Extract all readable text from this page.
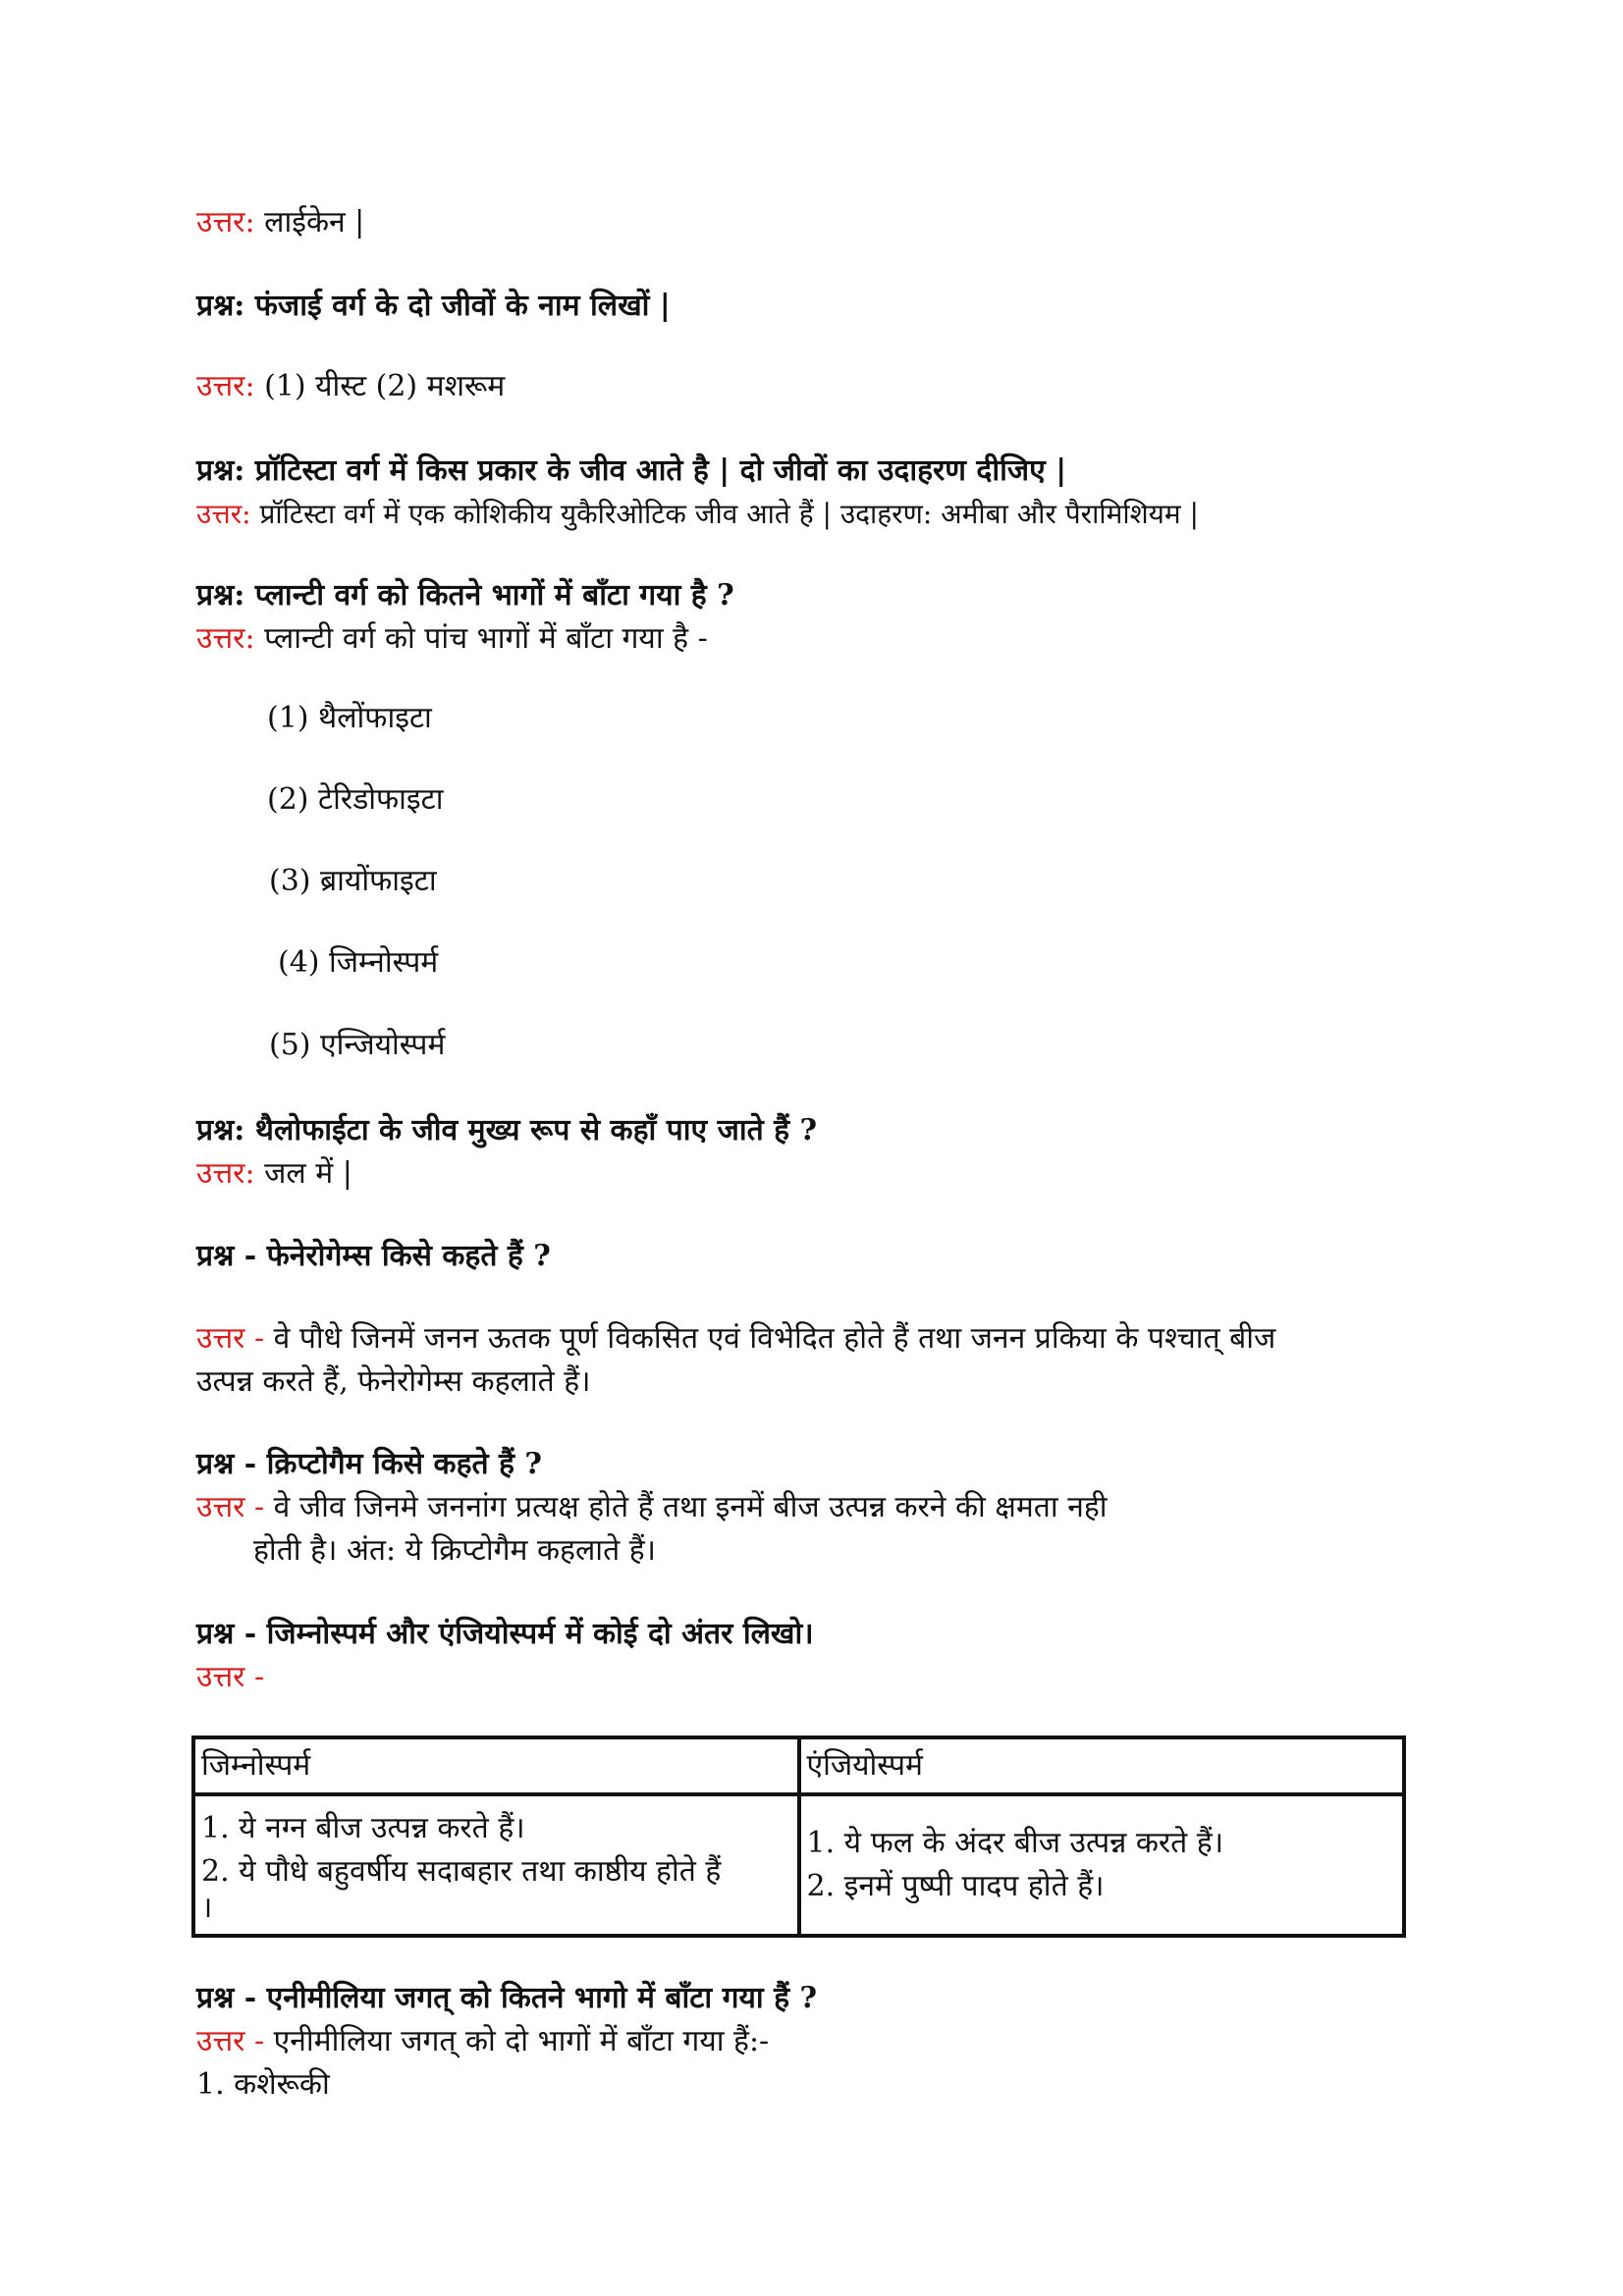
उत्तर: लाईकेन |
प्रश्न: फंजाई वर्ग के दो जीवों के नाम लिखों |
उत्तर: (1) यीस्ट (2) मशरूम
प्रश्न: प्रॉटिस्टा वर्ग में किस प्रकार के जीव आते है | दो जीवों का उदाहरण दीजिए |
उत्तर: प्रॉटिस्टा वर्ग में एक कोशिकीय युकैरिओटिक जीव आते हैं | उदाहरण: अमीबा और पैरामिशियम |
प्रश्न: प्लान्टी वर्ग को कितने भागों में बाँटा गया है ?
उत्तर: प्लान्टी वर्ग को पांच भागों में बाँटा गया है -
(1) थैलोंफाइटा
(2) टेरिडोफाइटा
(3) ब्रायोंफाइटा
(4) जिम्नोस्पर्म
(5) एन्जियोस्पर्म
प्रश्न: थैलोफाईटा के जीव मुख्य रूप से कहाँ पाए जाते हैं ?
उत्तर: जल में |
प्रश्न - फेनेरोगेम्स किसे कहते हैं ?
उत्तर - वे पौधे जिनमें जनन ऊतक पूर्ण विकसित एवं विभेदित होते हैं तथा जनन प्रकिया के पश्चात् बीज
उत्पन्न करते हैं, फेनेरोगेम्स कहलाते हैं।
प्रश्न - क्रिप्टोगैम किसे कहते हैं ?
उत्तर - वे जीव जिनमे जननांग प्रत्यक्ष होते हैं तथा इनमें बीज उत्पन्न करने की क्षमता नही
होती है। अंत: ये क्रिप्टोगैम कहलाते हैं।
प्रश्न - जिम्नोस्पर्म और एंजियोस्पर्म में कोई दो अंतर लिखो।
उत्तर -
जिम्नोस्पर्म	एंजियोस्पर्म

1. ये नग्न बीज उत्पन्न करते हैं।
2. ये पौधे बहुवर्षीय सदाबहार तथा काष्ठीय होते हैं
।	1. ये फल के अंदर बीज उत्पन्न करते हैं।
2. इनमें पुष्पी पादप होते हैं।
प्रश्न - एनीमीलिया जगत् को कितने भागो में बाँटा गया हैं ?
उत्तर - एनीमीलिया जगत् को दो भागों में बाँटा गया हैं:-
1. कशेरूकी
